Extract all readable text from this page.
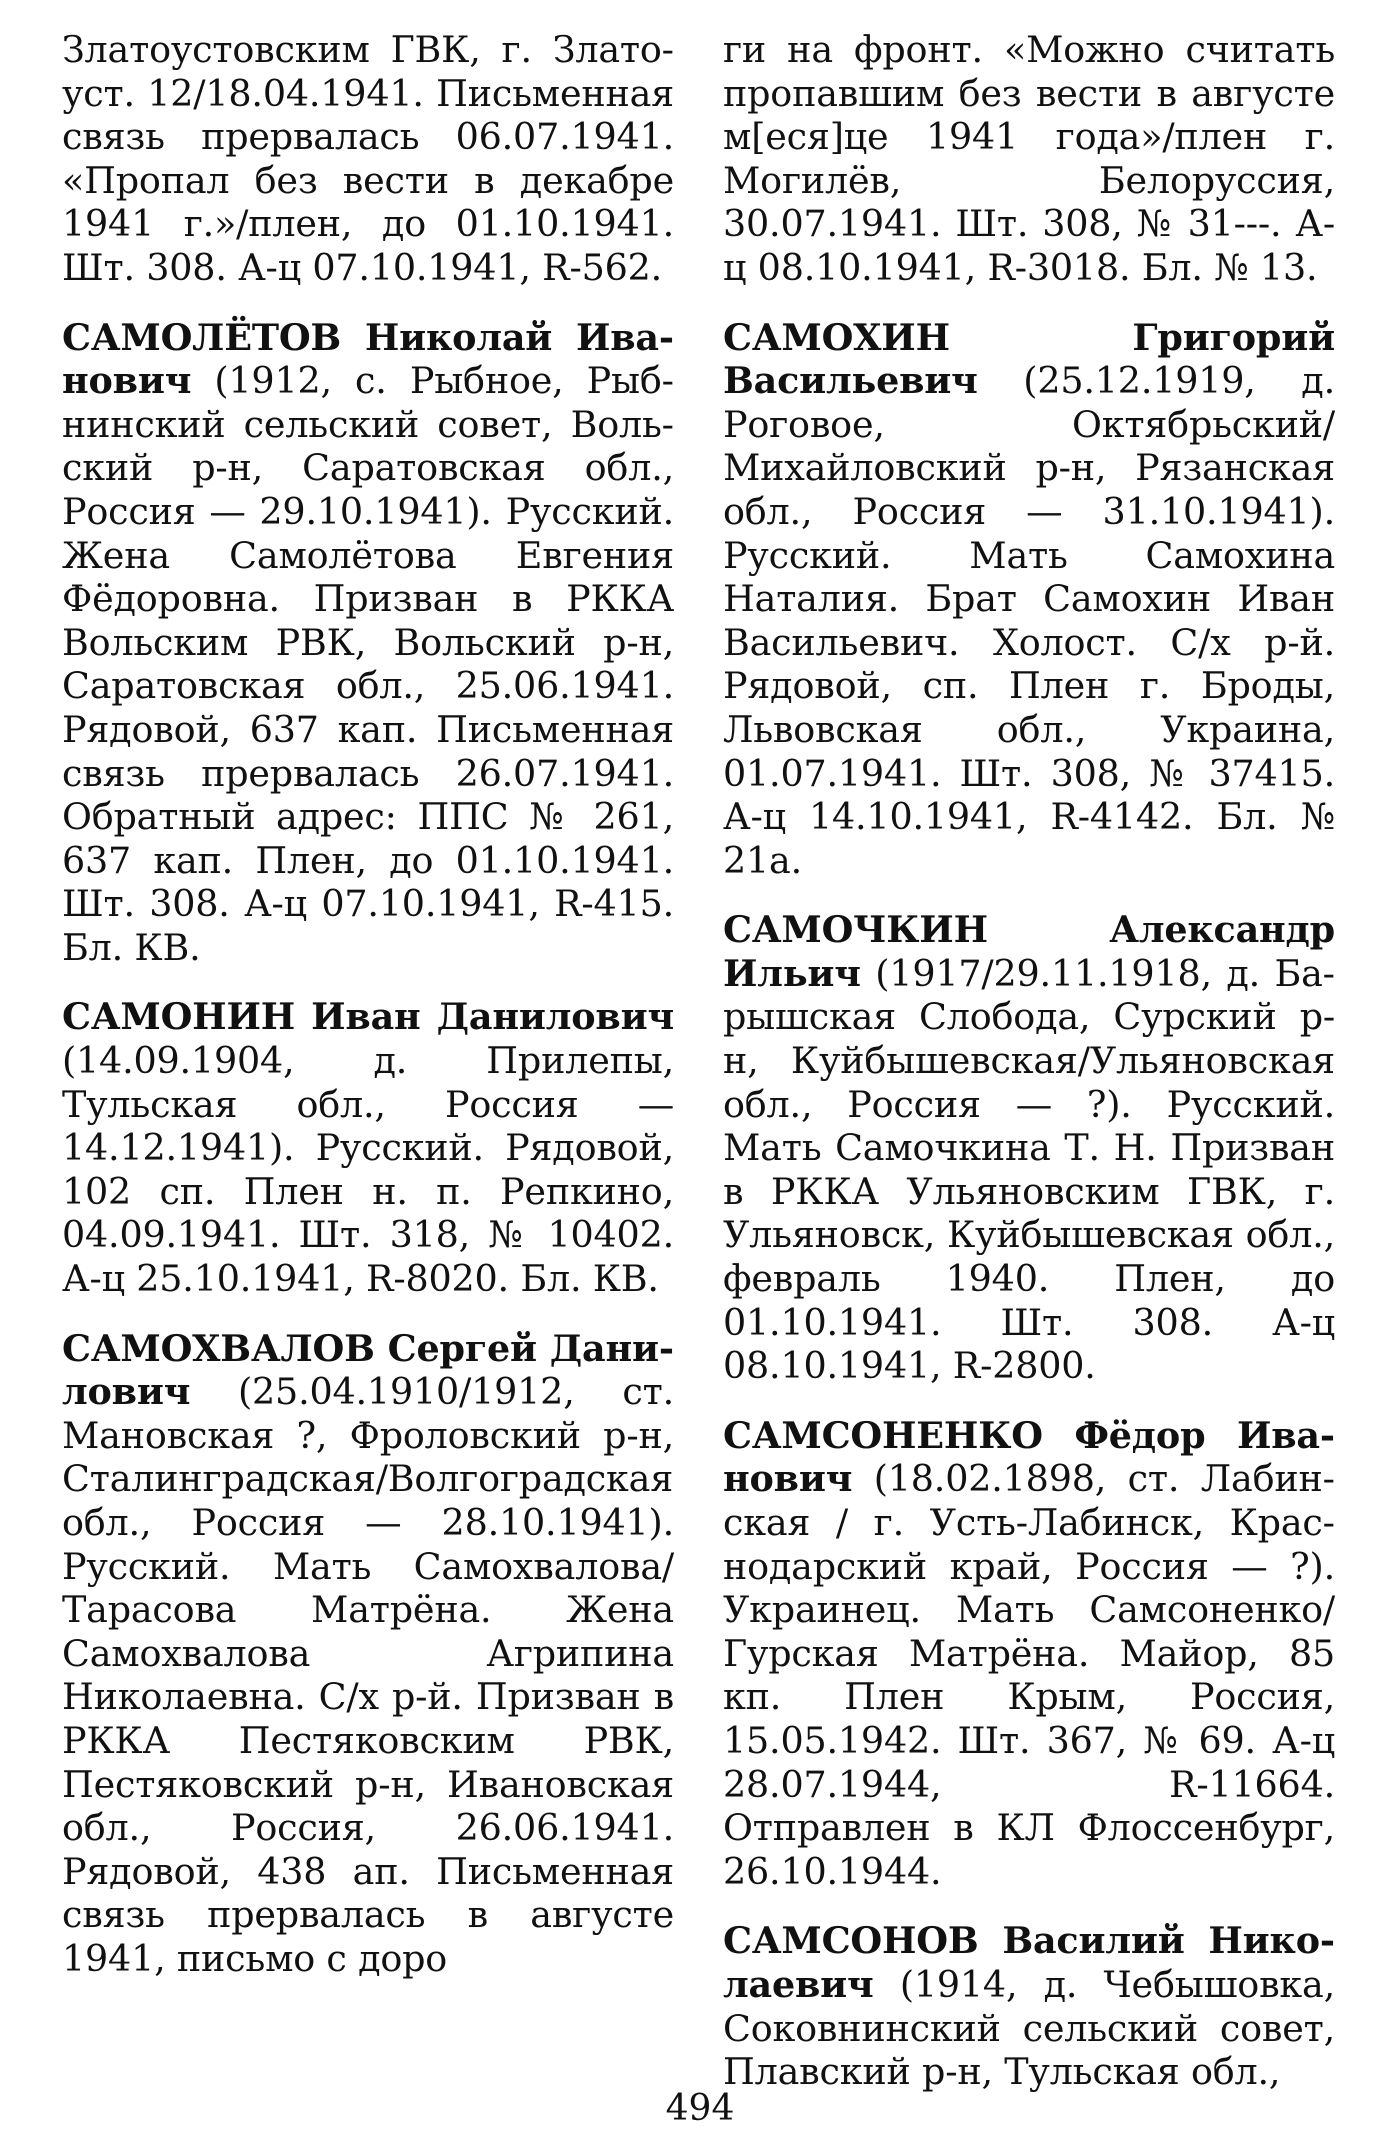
Златоустовским ГВК, г. Златоуст. 12/18.04.1941. Письменная связь прервалась 06.07.1941. «Пропал без вести в декабре 1941 г.»/плен, до 01.10.1941. Шт. 308. А-ц 07.10.1941, R-562.

САМОЛЁТОВ Николай Иванович (1912, с. Рыбное, Рыбнинский сельский совет, Вольский р-н, Саратовская обл., Россия — 29.10.1941). Русский. Жена Самолётова Евгения Фёдоровна. Призван в РККА Вольским РВК, Вольский р-н, Саратовская обл., 25.06.1941. Рядовой, 637 кап. Письменная связь прервалась 26.07.1941. Обратный адрес: ППС № 261, 637 кап. Плен, до 01.10.1941. Шт. 308. А-ц 07.10.1941, R-415. Бл. КВ.

САМОНИН Иван Данилович (14.09.1904, д. Прилепы, Тульская обл., Россия — 14.12.1941). Русский. Рядовой, 102 сп. Плен н. п. Репкино, 04.09.1941. Шт. 318, № 10402. А-ц 25.10.1941, R-8020. Бл. КВ.

САМОХВАЛОВ Сергей Данилович (25.04.1910/1912, ст. Мановская ?, Фроловский р-н, Сталинградская/Волгоградская обл., Россия — 28.10.1941). Русский. Мать Самохвалова/ Тарасова Матрёна. Жена Самохвалова Агрипина Николаевна. С/х р-й. Призван в РККА Пестяковским РВК, Пестяковский р-н, Ивановская обл., Россия, 26.06.1941. Рядовой, 438 ап. Письменная связь прервалась в августе 1941, письмо с доро

ги на фронт. «Можно считать пропавшим без вести в августе м[еся]це 1941 года»/плен г. Могилёв, Белоруссия, 30.07.1941. Шт. 308, № 31---. А-ц 08.10.1941, R-3018. Бл. № 13.

САМОХИН Григорий Васильевич (25.12.1919, д. Роговое, Октябрьский/Михайловский р-н, Рязанская обл., Россия — 31.10.1941). Русский. Мать Самохина Наталия. Брат Самохин Иван Васильевич. Холост. С/х р-й. Рядовой, сп. Плен г. Броды, Львовская обл., Украина, 01.07.1941. Шт. 308, № 37415. А-ц 14.10.1941, R-4142. Бл. № 21а.

САМОЧКИН Александр Ильич (1917/29.11.1918, д. Барышская Слобода, Сурский р-н, Куйбышевская/Ульяновская обл., Россия — ?). Русский. Мать Самочкина Т. Н. Призван в РККА Ульяновским ГВК, г. Ульяновск, Куйбышевская обл., февраль 1940. Плен, до 01.10.1941. Шт. 308. А-ц 08.10.1941, R-2800.

САМСОНЕНКО Фёдор Иванович (18.02.1898, ст. Лабинская / г. Усть-Лабинск, Краснодарский край, Россия — ?). Украинец. Мать Самсоненко/ Гурская Матрёна. Майор, 85 кп. Плен Крым, Россия, 15.05.1942. Шт. 367, № 69. А-ц 28.07.1944, R-11664. Отправлен в КЛ Флоссенбург, 26.10.1944.

САМСОНОВ Василий Николаевич (1914, д. Чебышовка, Соковнинский сельский совет, Плавский р-н, Тульская обл.,

494
